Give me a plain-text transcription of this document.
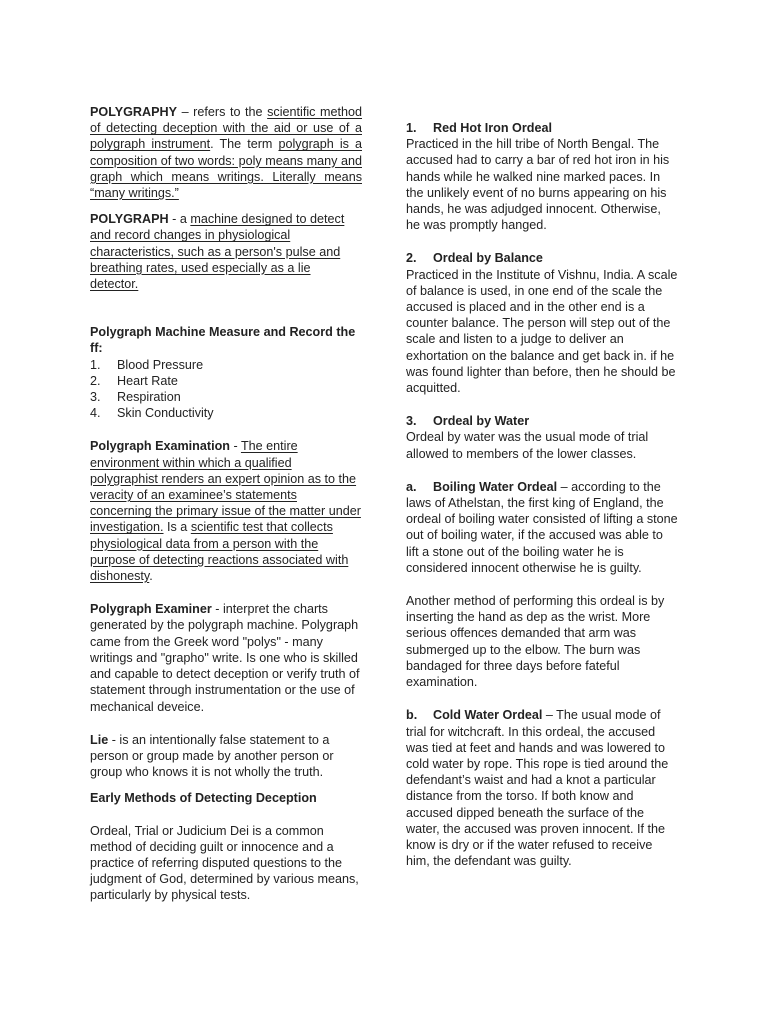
POLYGRAPHY – refers to the scientific method of detecting deception with the aid or use of a polygraph instrument. The term polygraph is a composition of two words: poly means many and graph which means writings. Literally means “many writings.”

POLYGRAPH - a machine designed to detect and record changes in physiological characteristics, such as a person's pulse and breathing rates, used especially as a lie detector.

Polygraph Machine Measure and Record the ff:

1.	Blood Pressure
2.	Heart Rate
3.	Respiration
4.	Skin Conductivity

Polygraph Examination - The entire environment within which a qualified polygraphist renders an expert opinion as to the veracity of an examinee’s statements concerning the primary issue of the matter under investigation. Is a scientific test that collects physiological data from a person with the purpose of detecting reactions associated with dishonesty.

Polygraph Examiner - interpret the charts generated by the polygraph machine. Polygraph came from the Greek word "polys" - many writings and "grapho" write. Is one who is skilled and capable to detect deception or verify truth of statement through instrumentation or the use of mechanical deveice.

Lie - is an intentionally false statement to a person or group made by another person or group who knows it is not wholly the truth.

Early Methods of Detecting Deception

Ordeal, Trial or Judicium Dei is a common method of deciding guilt or innocence and a practice of referring disputed questions to the judgment of God, determined by various means, particularly by physical tests.

1.	Red Hot Iron Ordeal

Practiced in the hill tribe of North Bengal. The accused had to carry a bar of red hot iron in his hands while he walked nine marked paces. In the unlikely event of no burns appearing on his hands, he was adjudged innocent. Otherwise, he was promptly hanged.

2.	Ordeal by Balance

Practiced in the Institute of Vishnu, India. A scale of balance is used, in one end of the scale the accused is placed and in the other end is a counter balance. The person will step out of the scale and listen to a judge to deliver an exhortation on the balance and get back in. if he was found lighter than before, then he should be acquitted.

3.	Ordeal by Water

Ordeal by water was the usual mode of trial allowed to members of the lower classes.

a. Boiling Water Ordeal – according to the laws of Athelstan, the first king of England, the ordeal of boiling water consisted of lifting a stone out of boiling water, if the accused was able to lift a stone out of the boiling water he is considered innocent otherwise he is guilty.

Another method of performing this ordeal is by inserting the hand as dep as the wrist. More serious offences demanded that arm was submerged up to the elbow. The burn was bandaged for three days before fateful examination.

b. Cold Water Ordeal – The usual mode of trial for witchcraft. In this ordeal, the accused was tied at feet and hands and was lowered to cold water by rope. This rope is tied around the defendant’s waist and had a knot a particular distance from the torso. If both know and accused dipped beneath the surface of the water, the accused was proven innocent. If the know is dry or if the water refused to receive him, the defendant was guilty.
